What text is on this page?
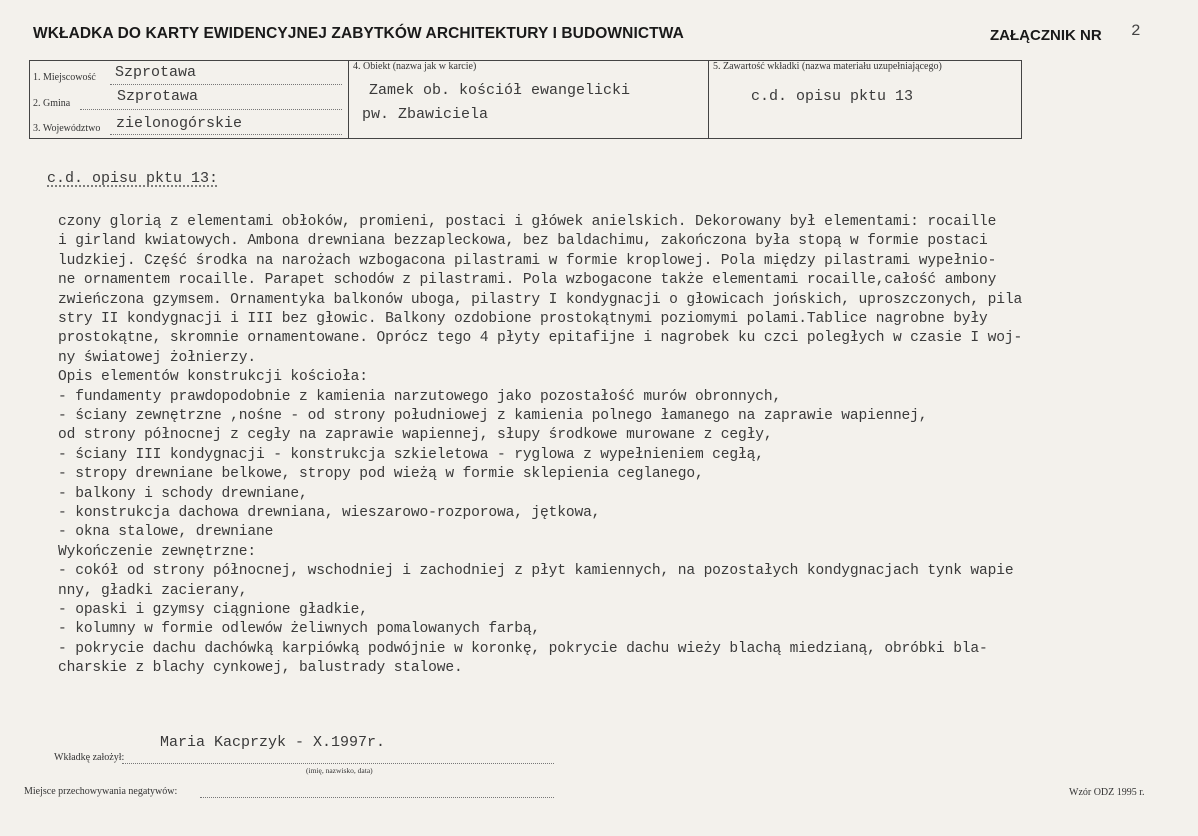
WKŁADKA DO KARTY EWIDENCYJNEJ ZABYTKÓW ARCHITEKTURY I BUDOWNICTWA	ZAŁĄCZNIK NR 2
1. Miejscowość Szprotawa
2. Gmina	Szprotawa
3. Województwo zielonogórskie
4. Obiekt (nazwa jak w karcie)
Zamek ob. kościół ewangelicki
pw. Zbawiciela
5. Zawartość wkładki (nazwa materiału uzupełniającego)
c.d. opisu pktu 13
c.d. opisu pktu 13:
czony glorią z elementami obłoków, promieni, postaci i główek anielskich. Dekorowany był elementami: rocaille
i girland kwiatowych. Ambona drewniana bezzapleckowa, bez baldachimu, zakończona była stopą w formie postaci
ludzkiej. Część środka na narożach wzbogacona pilastrami w formie kroplowej. Pola między pilastrami wypełnio-
ne ornamentem rocaille. Parapet schodów z pilastrami. Pola wzbogacone także elementami rocaille,całość ambony
zwieńczona gzymsem. Ornamentyka balkonów uboga, pilastry I kondygnacji o głowicach jońskich, uproszczonych, pila
stry II kondygnacji i III bez głowic. Balkony ozdobione prostokątnymi poziomymi polami.Tablice nagrobne były
prostokątne, skromnie ornamentowane. Oprócz tego 4 płyty epitafijne i nagrobek ku czci poległych w czasie I woj-
ny światowej żołnierzy.
Opis elementów konstrukcji kościoła:
- fundamenty prawdopodobnie z kamienia narzutowego jako pozostałość murów obronnych,
- ściany zewnętrzne ,nośne - od strony południowej z kamienia polnego łamanego na zaprawie wapiennej,
od strony północnej z cegły na zaprawie wapiennej, słupy środkowe murowane z cegły,
- ściany III kondygnacji - konstrukcja szkieletowa - ryglowa z wypełnieniem cegłą,
- stropy drewniane belkowe, stropy pod wieżą w formie sklepienia ceglanego,
- balkony i schody drewniane,
- konstrukcja dachowa drewniana, wieszarowo-rozporowa, jętkowa,
- okna stalowe, drewniane
Wykończenie zewnętrzne:
- cokół od strony północnej, wschodniej i zachodniej z płyt kamiennych, na pozostałych kondygnacjach tynk wapie
nny, gładki zacierany,
- opaski i gzymsy ciągnione gładkie,
- kolumny w formie odlewów żeliwnych pomalowanych farbą,
- pokrycie dachu dachówką karpiówką podwójnie w koronkę, pokrycie dachu wieży blachą miedzianą, obróbki bla-
charskie z blachy cynkowej, balustrady stalowe.
Wkładkę założył:
Maria Kacprzyk - X.1997r.
(imię, nazwisko, data)
Miejsce przechowywania negatywów:	Wzór ODZ 1995 r.
